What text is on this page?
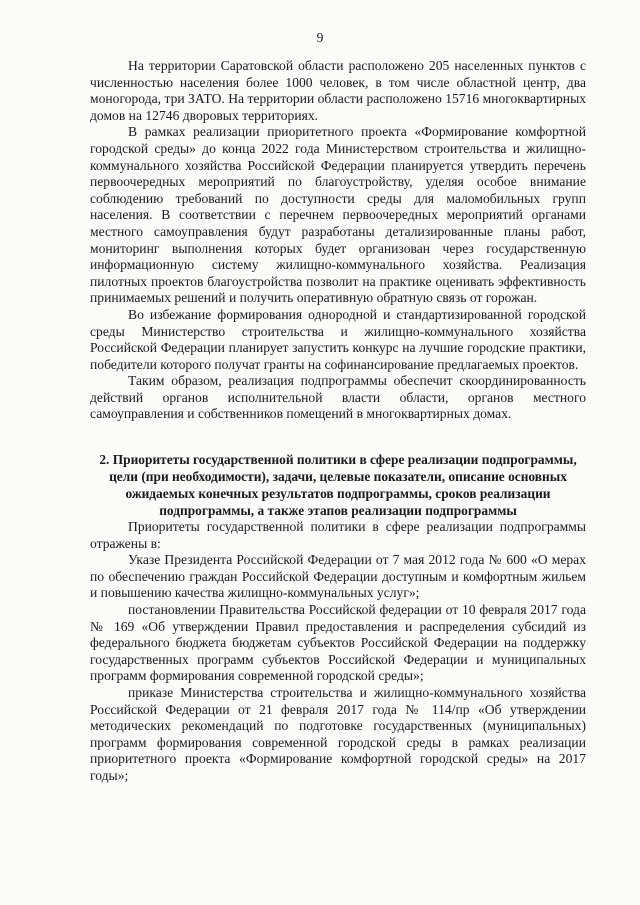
9

На территории Саратовской области расположено 205 населенных пунктов с численностью населения более 1000 человек, в том числе областной центр, два моногорода, три ЗАТО. На территории области расположено 15716 многоквартирных домов на 12746 дворовых территориях.

В рамках реализации приоритетного проекта «Формирование комфортной городской среды» до конца 2022 года Министерством строительства и жилищно-коммунального хозяйства Российской Федерации планируется утвердить перечень первоочередных мероприятий по благоустройству, уделяя особое внимание соблюдению требований по доступности среды для маломобильных групп населения. В соответствии с перечнем первоочередных мероприятий органами местного самоуправления будут разработаны детализированные планы работ, мониторинг выполнения которых будет организован через государственную информационную систему жилищно-коммунального хозяйства. Реализация пилотных проектов благоустройства позволит на практике оценивать эффективность принимаемых решений и получить оперативную обратную связь от горожан.

Во избежание формирования однородной и стандартизированной городской среды Министерство строительства и жилищно-коммунального хозяйства Российской Федерации планирует запустить конкурс на лучшие городские практики, победители которого получат гранты на софинансирование предлагаемых проектов.

Таким образом, реализация подпрограммы обеспечит скоординированность действий органов исполнительной власти области, органов местного самоуправления и собственников помещений в многоквартирных домах.

2. Приоритеты государственной политики в сфере реализации подпрограммы, цели (при необходимости), задачи, целевые показатели, описание основных ожидаемых конечных результатов подпрограммы, сроков реализации подпрограммы, а также этапов реализации подпрограммы

Приоритеты государственной политики в сфере реализации подпрограммы отражены в:

Указе Президента Российской Федерации от 7 мая 2012 года № 600 «О мерах по обеспечению граждан Российской Федерации доступным и комфортным жильем и повышению качества жилищно-коммунальных услуг»;

постановлении Правительства Российской федерации от 10 февраля 2017 года № 169 «Об утверждении Правил предоставления и распределения субсидий из федерального бюджета бюджетам субъектов Российской Федерации на поддержку государственных программ субъектов Российской Федерации и муниципальных программ формирования современной городской среды»;

приказе Министерства строительства и жилищно-коммунального хозяйства Российской Федерации от 21 февраля 2017 года № 114/пр «Об утверждении методических рекомендаций по подготовке государственных (муниципальных) программ формирования современной городской среды в рамках реализации приоритетного проекта «Формирование комфортной городской среды» на 2017 годы»;
